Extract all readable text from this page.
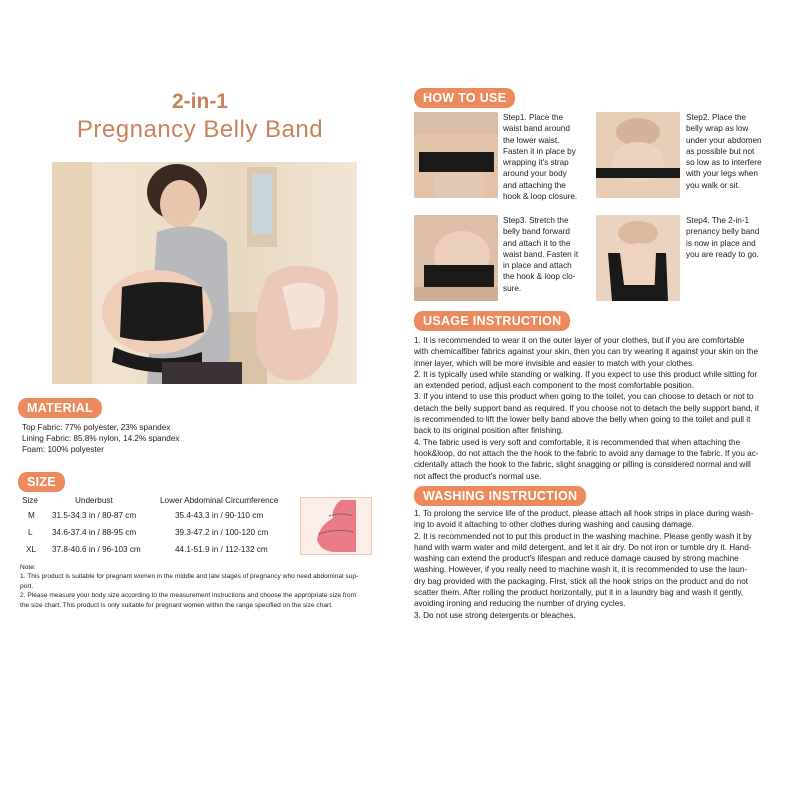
2-in-1
Pregnancy Belly Band
MATERIAL
Top Fabric: 77% polyester, 23% spandex
Lining Fabric: 85.8% nylon, 14.2% spandex
Foam: 100% polyester
SIZE
Size	Underbust	Lower Abdominal Circumference
M 31.5-34.3 in / 80-87 cm	35.4-43.3 in / 90-110 cm
L 34.6-37.4 in / 88-95 cm	39.3-47.2 in / 100-120 cm
XL 37.8-40.6 in / 96-103 cm	44.1-51.9 in / 112-132 cm
Note:
1. This product is suitable for pregnant women in the middle and late stages of pregnancy who need abdominal sup-
port.
2. Please measure your body size according to the measurement instructions and choose the appropriate size from
the size chart. This product is only suitable for pregnant women within the range specified on the size chart.
HOW TO USE
Step1. Place the
waist band around
the lower waist.
Fasten it in place by
wrapping it's strap
around your body
and attaching the
hook & loop closure.
Step2. Place the
belly wrap as low
under your abdomen
as possible but not
so low as to interfere
with your legs when
you walk or sit.
Step3. Stretch the
belly band forward
and attach it to the
waist band. Fasten it
in place and attach
the hook & loop clo-
sure.
Step4. The 2-in-1
prenancy belly band
is now in place and
you are ready to go.
USAGE INSTRUCTION
1. It is recommended to wear it on the outer layer of your clothes, but if you are comfortable
with chemicalfiber fabrics against your skin, then you can try wearing it against your skin on the
inner layer, which will be more invisible and easier to match with your clothes.
2. It is typically used while standing or walking. If you expect to use this product while sitting for
an extended period, adjust each component to the most comfortable position.
3. If you intend to use this product when going to the toilet, you can choose to detach or not to
detach the belly support band as required. If you choose not to detach the belly support band, it
is recommended to lift the lower belly band above the belly when going to the toilet and pull it
back to its original position after finishing.
4. The fabric used is very soft and comfortable, it is recommended that when attaching the
hook&loop, do not attach the the hook to the fabric to avoid any damage to the fabric. If you ac-
cidentally attach the hook to the fabric, slight snagging or pilling is considered normal and will
not affect the product's normal use.
WASHING INSTRUCTION
1. To prolong the service life of the product, please attach all hook strips in place during wash-
ing to avoid it attaching to other clothes during washing and causing damage.
2. It is recommended not to put this product in the washing machine. Please gently wash it by
hand with warm water and mild detergent, and let it air dry. Do not iron or tumble dry it. Hand-
washing can extend the product's lifespan and reduce damage caused by strong machine
washing. However, if you really need to machine wash it, it is recommended to use the laun-
dry bag provided with the packaging. First, stick all the hook strips on the product and do not
scatter them. After rolling the product horizontally, put it in a laundry bag and wash it gently,
avoiding ironing and reducing the number of drying cycles.
3. Do not use strong detergents or bleaches.
